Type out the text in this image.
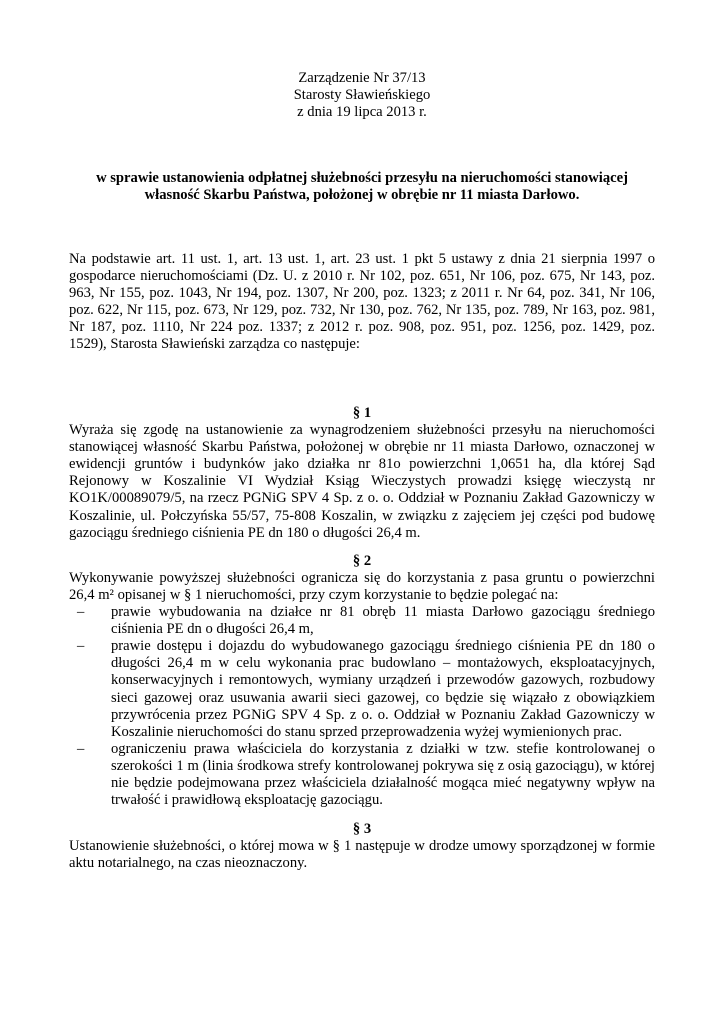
Zarządzenie Nr 37/13
Starosty Sławieńskiego
z dnia 19 lipca 2013 r.
w sprawie ustanowienia odpłatnej służebności przesyłu na nieruchomości stanowiącej własność Skarbu Państwa, położonej w obrębie nr 11 miasta Darłowo.

Na podstawie art. 11 ust. 1, art. 13 ust. 1, art. 23 ust. 1 pkt 5 ustawy z dnia 21 sierpnia 1997 o gospodarce nieruchomościami (Dz. U. z 2010 r. Nr 102, poz. 651, Nr 106, poz. 675, Nr 143, poz. 963, Nr 155, poz. 1043, Nr 194, poz. 1307, Nr 200, poz. 1323; z 2011 r. Nr 64, poz. 341, Nr 106, poz. 622, Nr 115, poz. 673, Nr 129, poz. 732, Nr 130, poz. 762, Nr 135, poz. 789, Nr 163, poz. 981, Nr 187, poz. 1110, Nr 224 poz. 1337; z 2012 r. poz. 908, poz. 951, poz. 1256, poz. 1429, poz. 1529), Starosta Sławieński zarządza co następuje:

§ 1

Wyraża się zgodę na ustanowienie za wynagrodzeniem służebności przesyłu na nieruchomości stanowiącej własność Skarbu Państwa, położonej w obrębie nr 11 miasta Darłowo, oznaczonej w ewidencji gruntów i budynków jako działka nr 81o powierzchni 1,0651 ha, dla której Sąd Rejonowy w Koszalinie VI Wydział Ksiąg Wieczystych prowadzi księgę wieczystą nr KO1K/00089079/5, na rzecz PGNiG SPV 4 Sp. z o. o. Oddział w Poznaniu Zakład Gazowniczy w Koszalinie, ul. Połczyńska 55/57, 75-808 Koszalin, w związku z zajęciem jej części pod budowę gazociągu średniego ciśnienia PE dn 180 o długości 26,4 m.

§ 2

Wykonywanie powyższej służebności ogranicza się do korzystania z pasa gruntu o powierzchni 26,4 m² opisanej w § 1 nieruchomości, przy czym korzystanie to będzie polegać na:

– prawie wybudowania na działce nr 81 obręb 11 miasta Darłowo gazociągu średniego ciśnienia PE dn o długości 26,4 m,
– prawie dostępu i dojazdu do wybudowanego gazociągu średniego ciśnienia PE dn 180 o długości 26,4 m w celu wykonania prac budowlano – montażowych, eksploatacyjnych, konserwacyjnych i remontowych, wymiany urządzeń i przewodów gazowych, rozbudowy sieci gazowej oraz usuwania awarii sieci gazowej, co będzie się wiązało z obowiązkiem przywrócenia przez PGNiG SPV 4 Sp. z o. o. Oddział w Poznaniu Zakład Gazowniczy w Koszalinie nieruchomości do stanu sprzed przeprowadzenia wyżej wymienionych prac.
– ograniczeniu prawa właściciela do korzystania z działki w tzw. stefie kontrolowanej o szerokości 1 m (linia środkowa strefy kontrolowanej pokrywa się z osią gazociągu), w której nie będzie podejmowana przez właściciela działalność mogąca mieć negatywny wpływ na trwałość i prawidłową eksploatację gazociągu.

§ 3

Ustanowienie służebności, o której mowa w § 1 następuje w drodze umowy sporządzonej w formie aktu notarialnego, na czas nieoznaczony.
